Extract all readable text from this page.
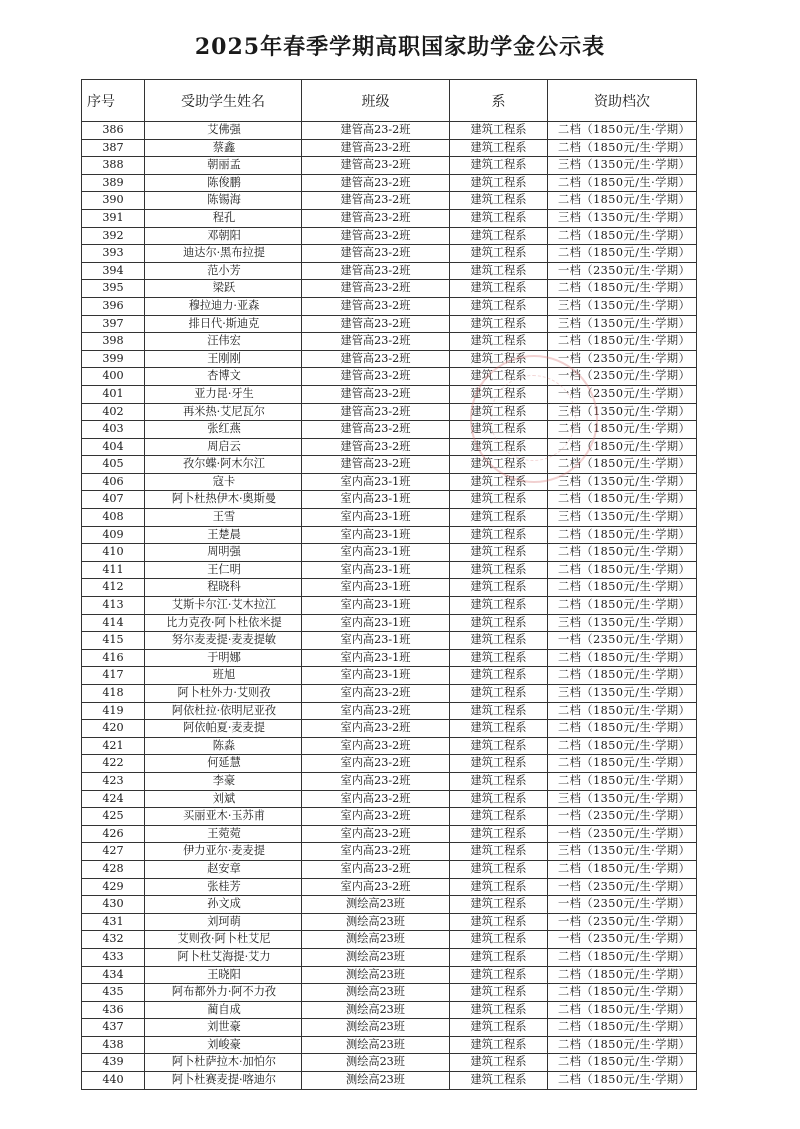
2025年春季学期高职国家助学金公示表
序号	受助学生姓名	班级	系	资助档次
386	艾佛强	建管高23-2班	建筑工程系	二档（1850元/生·学期）
387	蔡鑫	建管高23-2班	建筑工程系	二档（1850元/生·学期）
388	朝丽孟	建管高23-2班	建筑工程系	三档（1350元/生·学期）
389	陈俊鹏	建管高23-2班	建筑工程系	二档（1850元/生·学期）
390	陈锡海	建管高23-2班	建筑工程系	二档（1850元/生·学期）
391	程孔	建管高23-2班	建筑工程系	三档（1350元/生·学期）
392	邓朝阳	建管高23-2班	建筑工程系	二档（1850元/生·学期）
393	迪达尔·黑布拉提	建管高23-2班	建筑工程系	二档（1850元/生·学期）
394	范小芳	建管高23-2班	建筑工程系	一档（2350元/生·学期）
395	梁跃	建管高23-2班	建筑工程系	二档（1850元/生·学期）
396	穆拉迪力·亚森	建管高23-2班	建筑工程系	三档（1350元/生·学期）
397	排日代·斯迪克	建管高23-2班	建筑工程系	三档（1350元/生·学期）
398	汪伟宏	建管高23-2班	建筑工程系	二档（1850元/生·学期）
399	王刚刚	建管高23-2班	建筑工程系	一档（2350元/生·学期）
400	杏博文	建管高23-2班	建筑工程系	一档（2350元/生·学期）
401	亚力昆·牙生	建管高23-2班	建筑工程系	一档（2350元/生·学期）
402	再米热·艾尼瓦尔	建管高23-2班	建筑工程系	三档（1350元/生·学期）
403	张红燕	建管高23-2班	建筑工程系	二档（1850元/生·学期）
404	周启云	建管高23-2班	建筑工程系	二档（1850元/生·学期）
405	孜尔蝶·阿木尔江	建管高23-2班	建筑工程系	二档（1850元/生·学期）
406	寇卡	室内高23-1班	建筑工程系	三档（1350元/生·学期）
407	阿卜杜热伊木·奥斯曼	室内高23-1班	建筑工程系	二档（1850元/生·学期）
408	王雪	室内高23-1班	建筑工程系	三档（1350元/生·学期）
409	王楚晨	室内高23-1班	建筑工程系	二档（1850元/生·学期）
410	周明强	室内高23-1班	建筑工程系	二档（1850元/生·学期）
411	王仁明	室内高23-1班	建筑工程系	二档（1850元/生·学期）
412	程晓科	室内高23-1班	建筑工程系	二档（1850元/生·学期）
413	艾斯卡尔江·艾木拉江	室内高23-1班	建筑工程系	二档（1850元/生·学期）
414	比力克孜·阿卜杜依米提	室内高23-1班	建筑工程系	三档（1350元/生·学期）
415	努尔麦麦提·麦麦提敏	室内高23-1班	建筑工程系	一档（2350元/生·学期）
416	于明娜	室内高23-1班	建筑工程系	二档（1850元/生·学期）
417	班旭	室内高23-1班	建筑工程系	二档（1850元/生·学期）
418	阿卜杜外力·艾则孜	室内高23-2班	建筑工程系	三档（1350元/生·学期）
419	阿依杜拉·依明尼亚孜	室内高23-2班	建筑工程系	二档（1850元/生·学期）
420	阿依帕夏·麦麦提	室内高23-2班	建筑工程系	二档（1850元/生·学期）
421	陈淼	室内高23-2班	建筑工程系	二档（1850元/生·学期）
422	何延慧	室内高23-2班	建筑工程系	二档（1850元/生·学期）
423	李豪	室内高23-2班	建筑工程系	二档（1850元/生·学期）
424	刘斌	室内高23-2班	建筑工程系	三档（1350元/生·学期）
425	买丽亚木·玉苏甫	室内高23-2班	建筑工程系	一档（2350元/生·学期）
426	王菀菀	室内高23-2班	建筑工程系	一档（2350元/生·学期）
427	伊力亚尔·麦麦提	室内高23-2班	建筑工程系	三档（1350元/生·学期）
428	赵安章	室内高23-2班	建筑工程系	二档（1850元/生·学期）
429	张桂芳	室内高23-2班	建筑工程系	一档（2350元/生·学期）
430	孙文成	测绘高23班	建筑工程系	一档（2350元/生·学期）
431	刘珂萌	测绘高23班	建筑工程系	一档（2350元/生·学期）
432	艾则孜·阿卜杜艾尼	测绘高23班	建筑工程系	一档（2350元/生·学期）
433	阿卜杜艾海提·艾力	测绘高23班	建筑工程系	二档（1850元/生·学期）
434	王晓阳	测绘高23班	建筑工程系	二档（1850元/生·学期）
435	阿布都外力·阿不力孜	测绘高23班	建筑工程系	二档（1850元/生·学期）
436	蔺自成	测绘高23班	建筑工程系	二档（1850元/生·学期）
437	刘世豪	测绘高23班	建筑工程系	二档（1850元/生·学期）
438	刘峻豪	测绘高23班	建筑工程系	二档（1850元/生·学期）
439	阿卜杜萨拉木·加怕尔	测绘高23班	建筑工程系	二档（1850元/生·学期）
440	阿卜杜赛麦提·喀迪尔	测绘高23班	建筑工程系	二档（1850元/生·学期）
